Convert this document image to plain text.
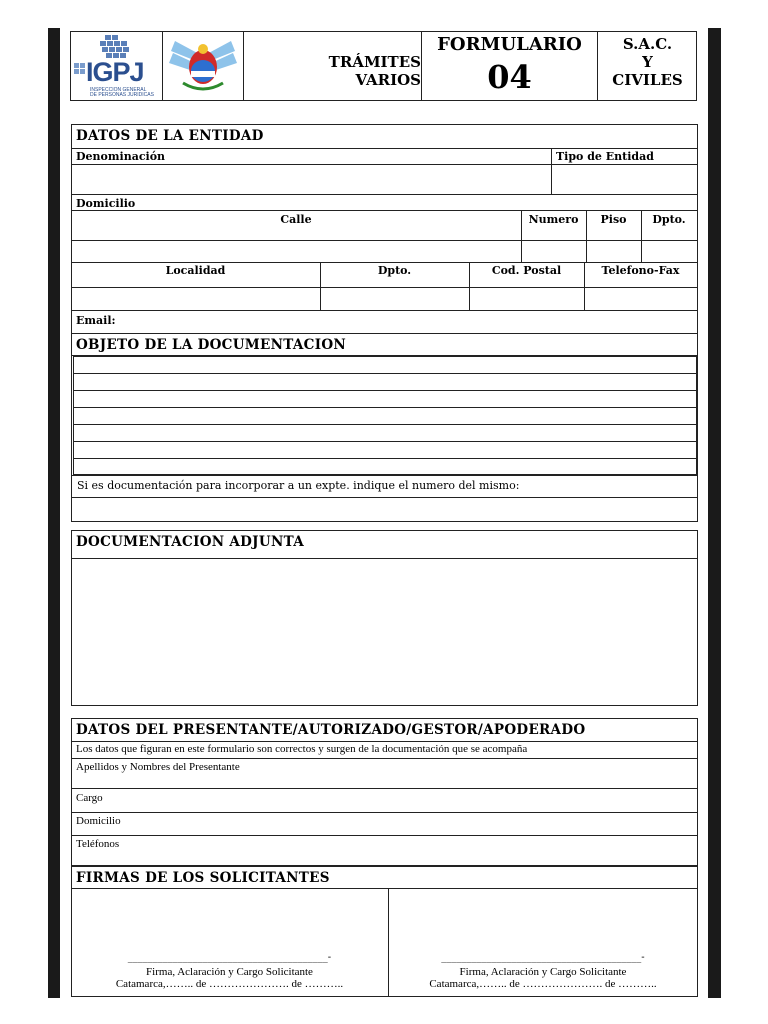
IGPJ
INSPECCION GENERAL
DE PERSONAS JURIDICAS
TRÁMITES
VARIOS
FORMULARIO
04
S.A.C.
Y
CIVILES
DATOS DE LA ENTIDAD
Denominación	Tipo de Entidad
Domicilio
Calle	Numero	Piso	Dpto.
Localidad	Dpto.	Cod. Postal	Telefono-Fax
Email:
OBJETO DE LA DOCUMENTACION
Si es documentación para incorporar a un expte. indique el numero del mismo:
DOCUMENTACION ADJUNTA
DATOS DEL PRESENTANTE/AUTORIZADO/GESTOR/APODERADO
Los datos que figuran en este formulario son correctos y surgen de la documentación que se acompaña
Apellidos y Nombres del Presentante
Cargo
Domicilio
Teléfonos
FIRMAS DE LOS SOLICITANTES
________________________________________-
Firma, Aclaración y Cargo Solicitante
Catamarca,…….. de …………………. de ………..
________________________________________-
Firma, Aclaración y Cargo Solicitante
Catamarca,…….. de …………………. de ………..
